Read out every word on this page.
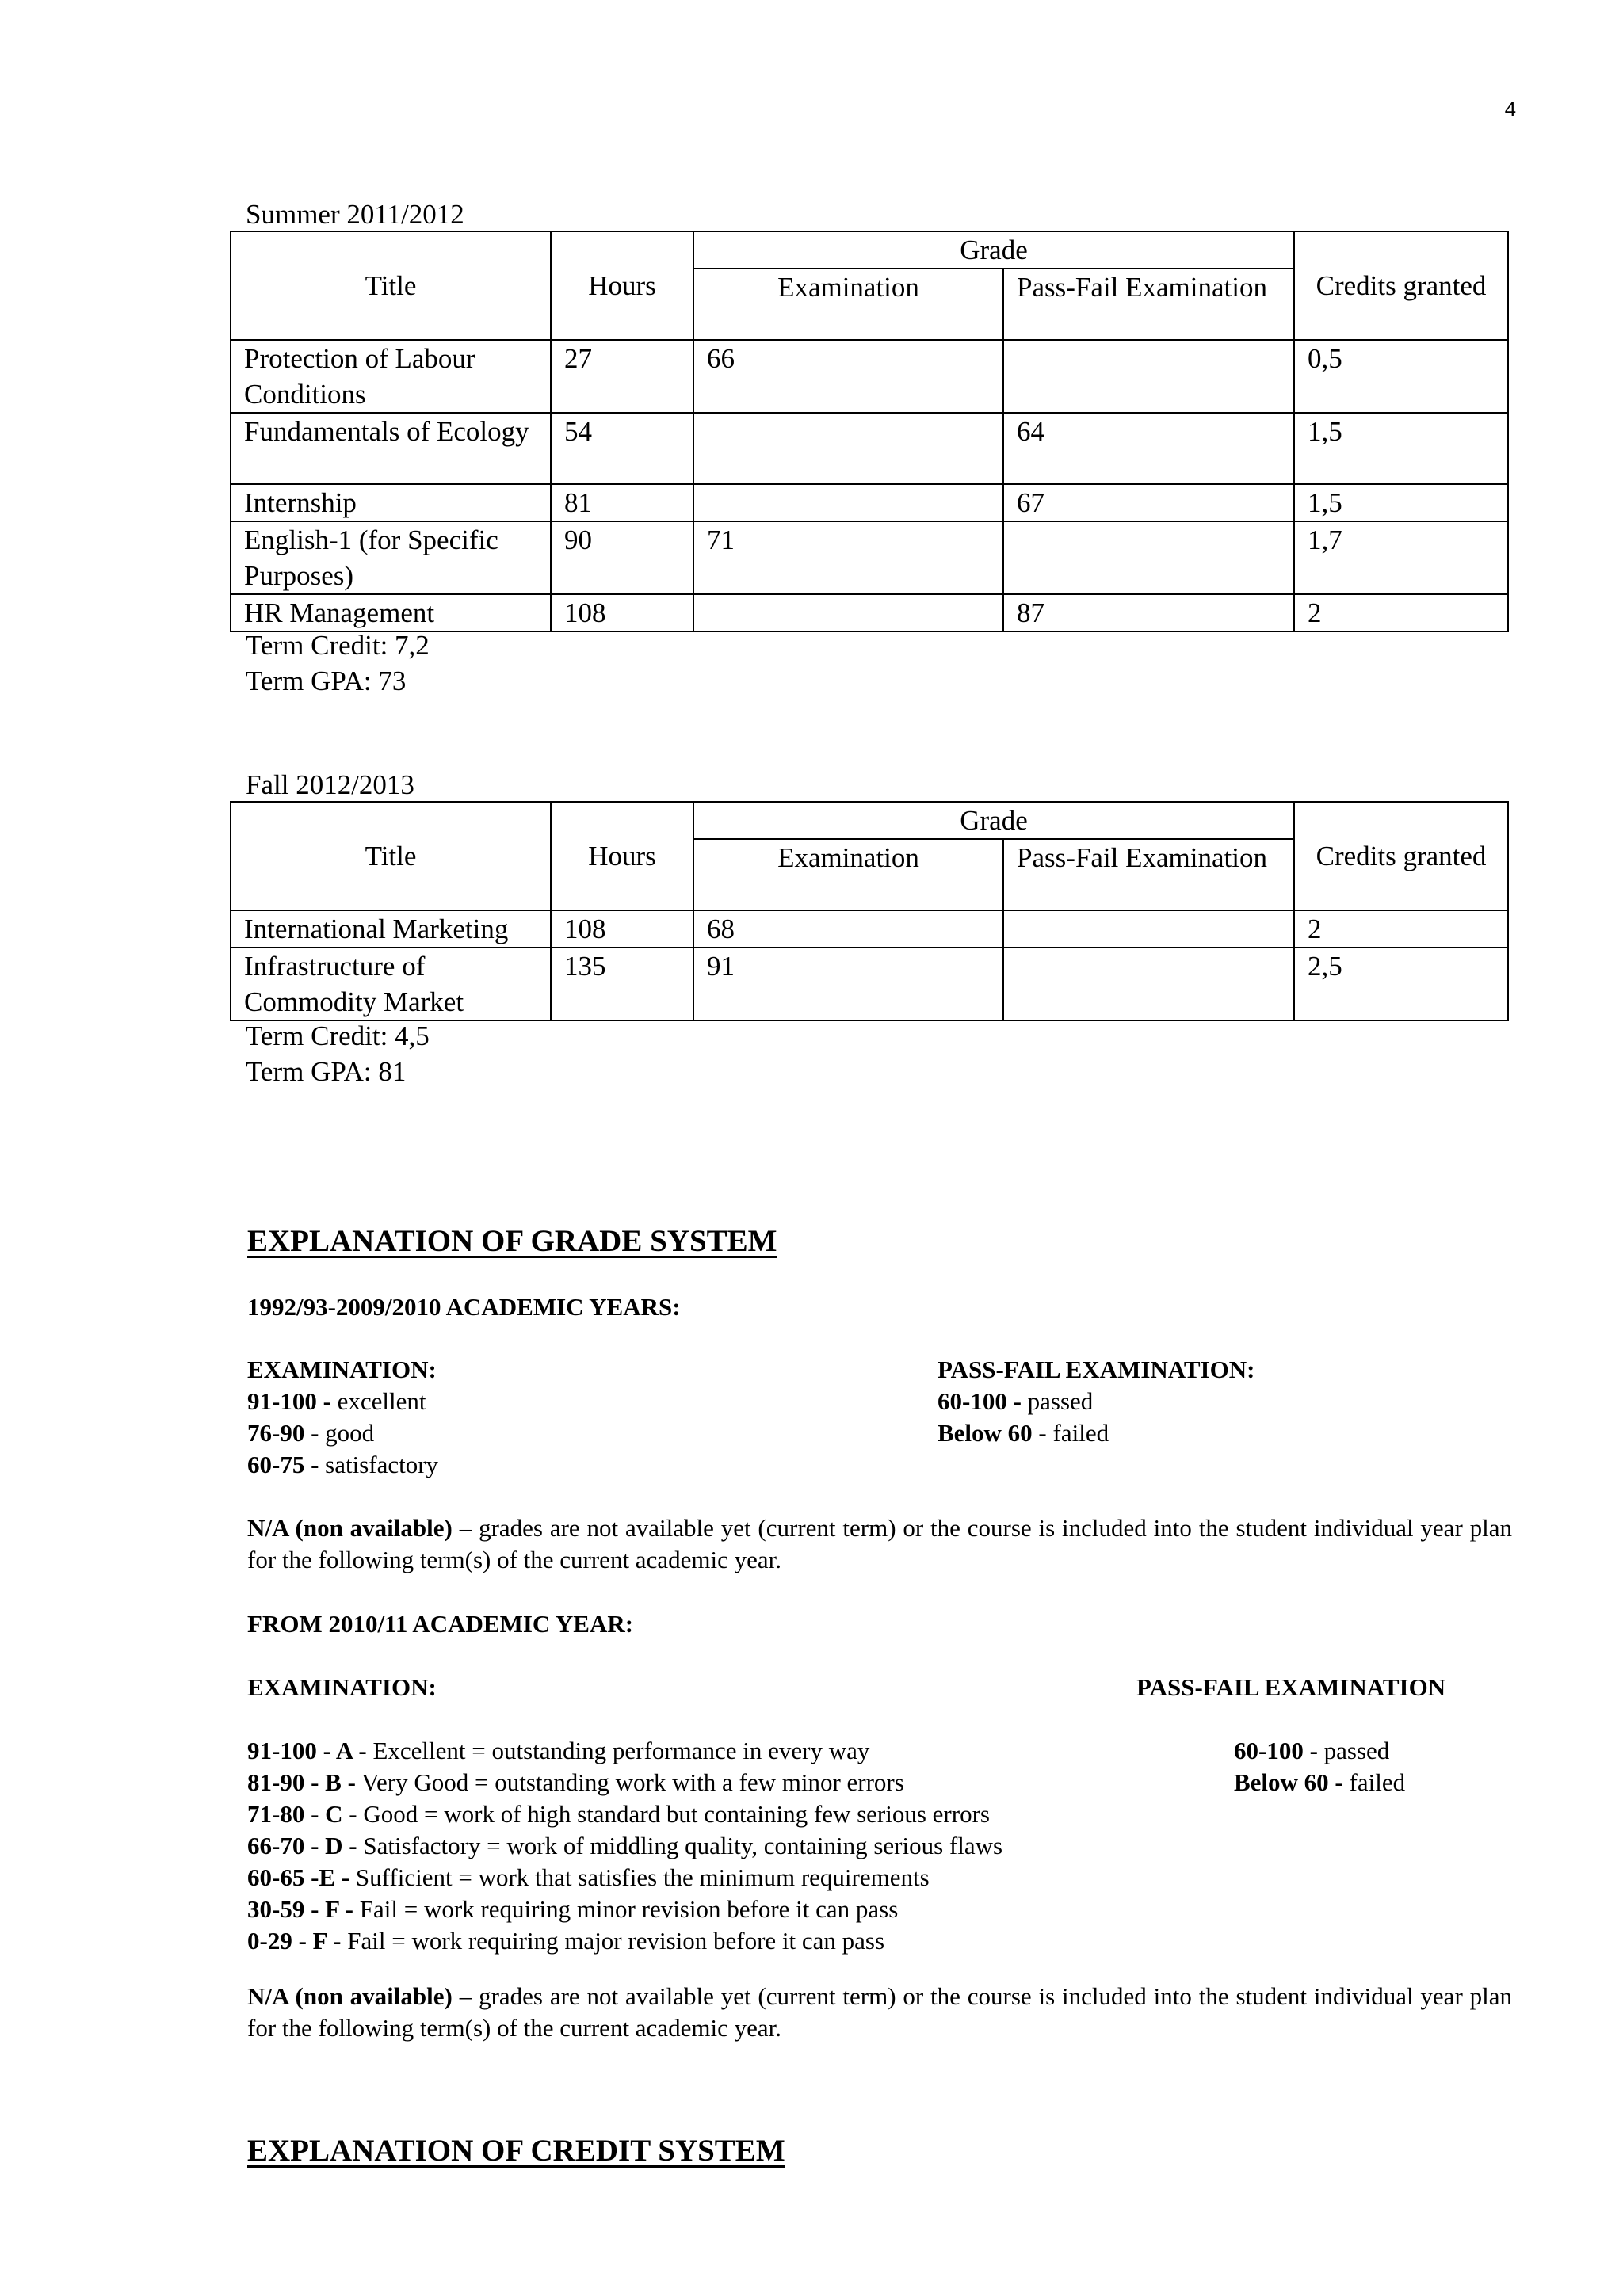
4
Summer 2011/2012
Title	Hours	Grade		Credits granted
		Examination	Pass-Fail Examination	
Protection of Labour Conditions	27	66		0,5
Fundamentals of Ecology	54		64	1,5
Internship	81		67	1,5
English-1 (for Specific Purposes)	90	71		1,7
HR Management	108		87	2
Term Credit: 7,2
Term GPA: 73
Fall 2012/2013
Title	Hours	Grade		Credits granted
		Examination	Pass-Fail Examination	
International Marketing	108	68		2
Infrastructure of Commodity Market	135	91		2,5
Term Credit: 4,5
Term GPA: 81
EXPLANATION OF GRADE SYSTEM
1992/93-2009/2010 ACADEMIC YEARS:
EXAMINATION:
91-100 - excellent
76-90 - good
60-75 - satisfactory
PASS-FAIL EXAMINATION:
60-100 - passed
Below 60 - failed
N/A (non available) – grades are not available yet (current term) or the course is included into the student individual year plan for the following term(s) of the current academic year.
FROM 2010/11 ACADEMIC YEAR:
EXAMINATION:	PASS-FAIL EXAMINATION
91-100 - A - Excellent = outstanding performance in every way
81-90 - B - Very Good = outstanding work with a few minor errors
71-80 - C - Good = work of high standard but containing few serious errors
66-70 - D - Satisfactory = work of middling quality, containing serious flaws
60-65 -E - Sufficient = work that satisfies the minimum requirements
30-59 - F - Fail = work requiring minor revision before it can pass
0-29 - F - Fail = work requiring major revision before it can pass
60-100 - passed
Below 60 - failed
N/A (non available) – grades are not available yet (current term) or the course is included into the student individual year plan for the following term(s) of the current academic year.
EXPLANATION OF CREDIT SYSTEM
